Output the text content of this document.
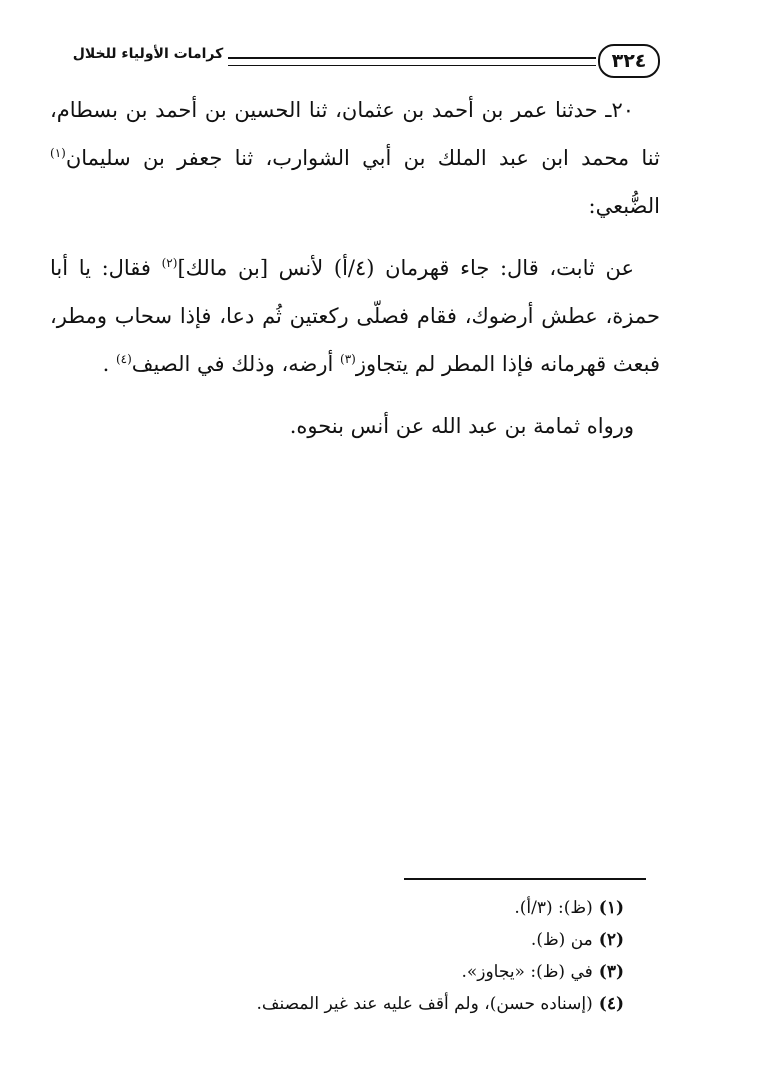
٣٢٤
كرامات الأولياء للخلال

٢٠ـ حدثنا عمر بن أحمد بن عثمان، ثنا الحسين بن أحمد بن بسطام، ثنا محمد ابن عبد الملك بن أبي الشوارب، ثنا جعفر بن سليمان$^{(١)}$ الضُّبعي:

عن ثابت، قال: جاء قهرمان (٤/أ) لأنس [بن مالك]$^{(٢)}$ فقال: يا أبا حمزة، عطش أرضوك، فقام فصلّى ركعتين ثُم دعا، فإذا سحاب ومطر، فبعث قهرمانه فإذا المطر لم يتجاوز$^{(٣)}$ أرضه، وذلك في الصيف$^{(٤)}$ .

ورواه ثمامة بن عبد الله عن أنس بنحوه.

(١)(ظ): (٣/أ).
(٢)من (ظ).
(٣)في (ظ): «يجاوز».
(٤)(إسناده حسن)، ولم أقف عليه عند غير المصنف.
